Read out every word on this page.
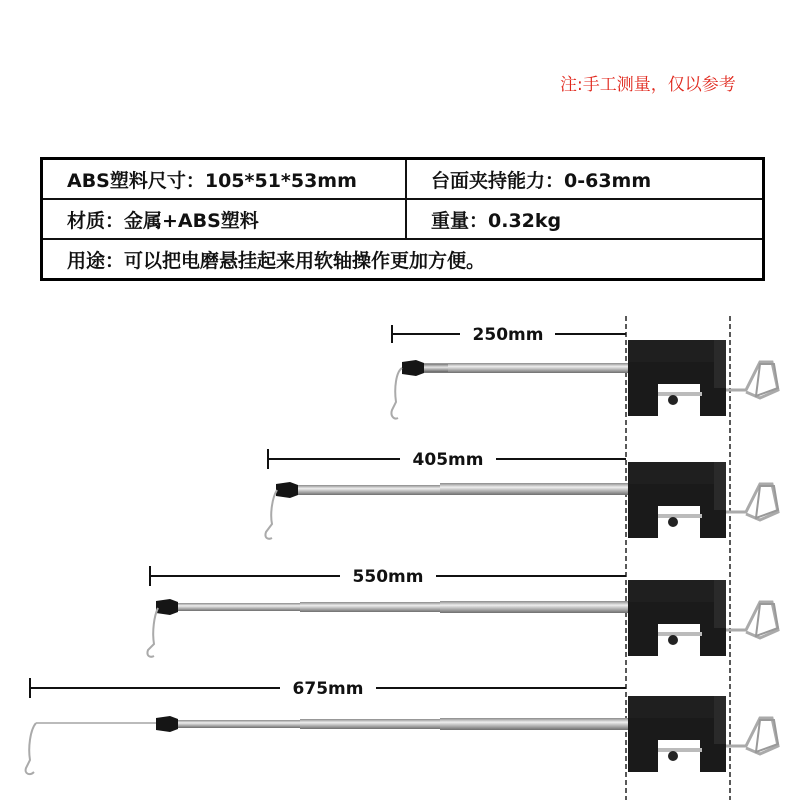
注:手工测量，仅以参考
ABS塑料尺寸：105*51*53mm	台面夹持能力：0-63mm
材质：金属+ABS塑料	重量：0.32kg
用途：可以把电磨悬挂起来用软轴操作更加方便。	
250mm
405mm
550mm
675mm
